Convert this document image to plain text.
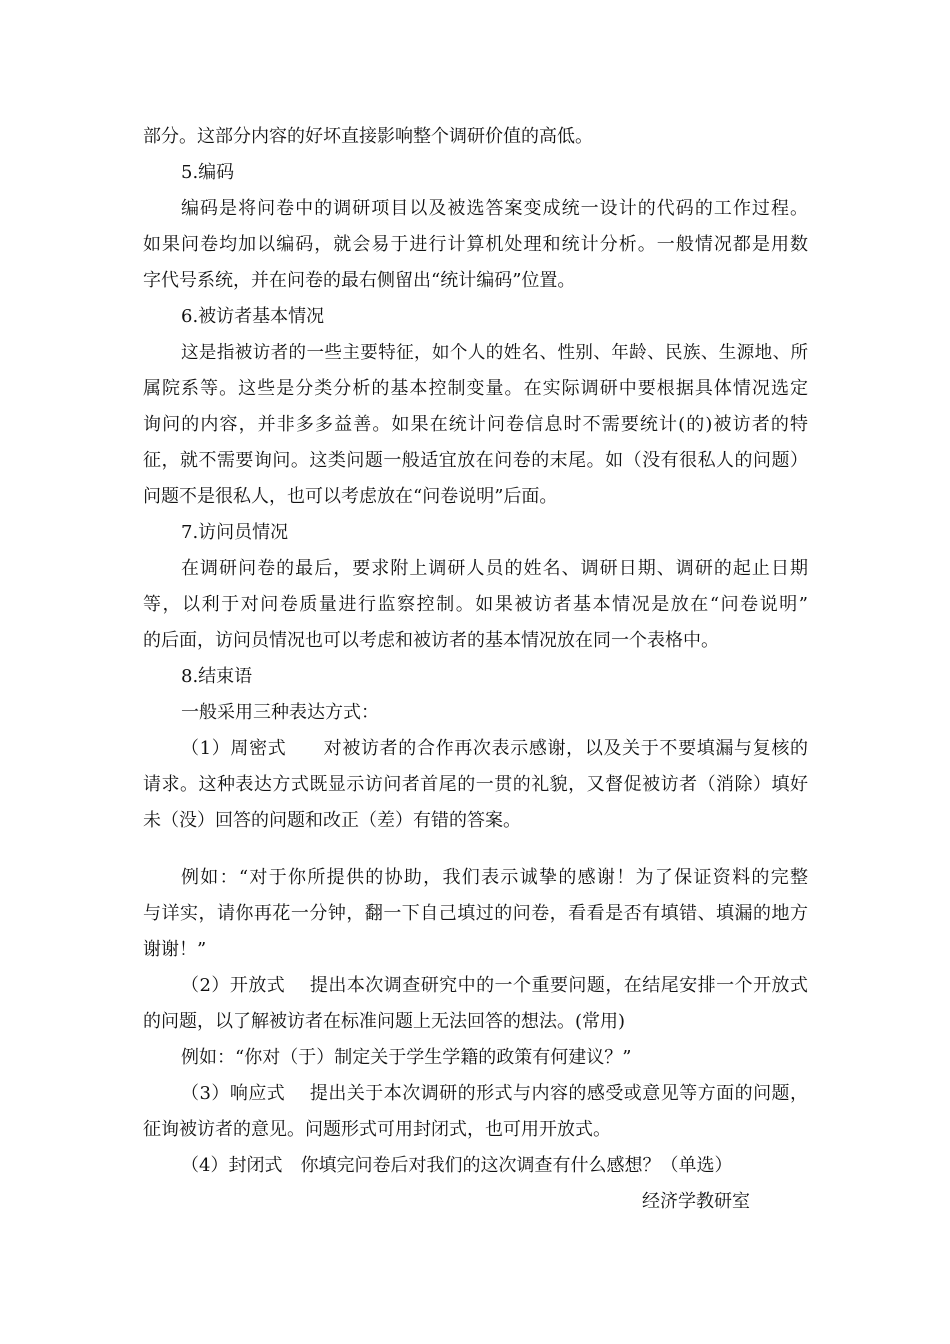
部分。这部分内容的好坏直接影响整个调研价值的高低。
5.编码
编码是将问卷中的调研项目以及被选答案变成统一设计的代码的工作过程。
如果问卷均加以编码，就会易于进行计算机处理和统计分析。一般情况都是用数
字代号系统，并在问卷的最右侧留出“统计编码”位置。
6.被访者基本情况
这是指被访者的一些主要特征，如个人的姓名、性别、年龄、民族、生源地、所
属院系等。这些是分类分析的基本控制变量。在实际调研中要根据具体情况选定
询问的内容，并非多多益善。如果在统计问卷信息时不需要统计(的)被访者的特
征，就不需要询问。这类问题一般适宜放在问卷的末尾。如（没有很私人的问题）
问题不是很私人，也可以考虑放在“问卷说明”后面。
7.访问员情况
在调研问卷的最后，要求附上调研人员的姓名、调研日期、调研的起止日期
等，以利于对问卷质量进行监察控制。如果被访者基本情况是放在“问卷说明”
的后面，访问员情况也可以考虑和被访者的基本情况放在同一个表格中。
8.结束语
一般采用三种表达方式：
（1）周密式　　对被访者的合作再次表示感谢，以及关于不要填漏与复核的
请求。这种表达方式既显示访问者首尾的一贯的礼貌，又督促被访者（消除）填好
未（没）回答的问题和改正（差）有错的答案。
例如：“对于你所提供的协助，我们表示诚挚的感谢！为了保证资料的完整
与详实，请你再花一分钟，翻一下自己填过的问卷，看看是否有填错、填漏的地方
谢谢！”
（2）开放式　 提出本次调查研究中的一个重要问题，在结尾安排一个开放式
的问题，以了解被访者在标准问题上无法回答的想法。(常用)
例如：“你对（于）制定关于学生学籍的政策有何建议？”
（3）响应式　 提出关于本次调研的形式与内容的感受或意见等方面的问题，
征询被访者的意见。问题形式可用封闭式，也可用开放式。
（4）封闭式　你填完问卷后对我们的这次调查有什么感想？（单选）
经济学教研室
